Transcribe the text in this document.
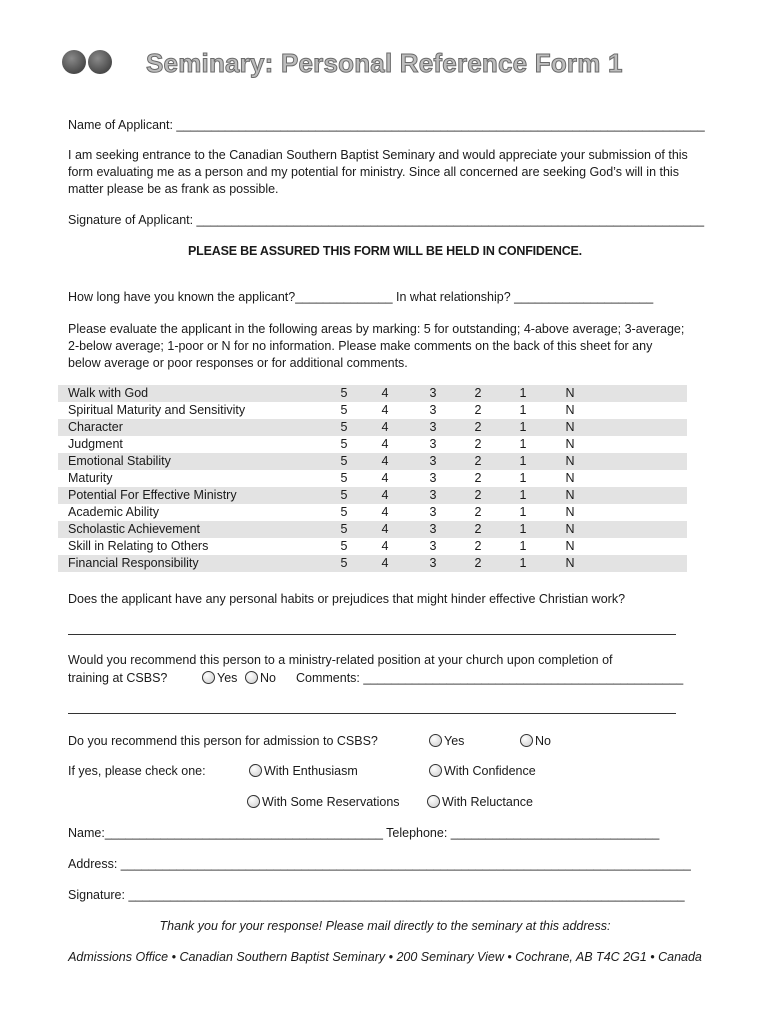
Seminary: Personal Reference Form 1
Name of Applicant: ____________________________________________________________________________
I am seeking entrance to the Canadian Southern Baptist Seminary and would appreciate your submission of this form evaluating me as a person and my potential for ministry. Since all concerned are seeking God’s will in this matter please be as frank as possible.
Signature of Applicant: _________________________________________________________________________
PLEASE BE ASSURED THIS FORM WILL BE HELD IN CONFIDENCE.
How long have you known the applicant?______________ In what relationship? ____________________
Please evaluate the applicant in the following areas by marking: 5 for outstanding; 4-above average; 3-average; 2-below average; 1-poor or N for no information. Please make comments on the back of this sheet for any below average or poor responses or for additional comments.
Walk with God	5	4	3	2	1	N
Spiritual Maturity and Sensitivity	5	4	3	2	1	N
Character	5	4	3	2	1	N
Judgment	5	4	3	2	1	N
Emotional Stability	5	4	3	2	1	N
Maturity	5	4	3	2	1	N
Potential For Effective Ministry	5	4	3	2	1	N
Academic Ability	5	4	3	2	1	N
Scholastic Achievement	5	4	3	2	1	N
Skill in Relating to Others	5	4	3	2	1	N
Financial Responsibility	5	4	3	2	1	N
Does the applicant have any personal habits or prejudices that might hinder effective Christian work?
Would you recommend this person to a ministry-related position at your church upon completion of
training at CSBS?	Yes	No Comments: ______________________________________________
Do you recommend this person for admission to CSBS?	Yes	No
If yes, please check one:	With Enthusiasm	With Confidence
With Some Reservations	With Reluctance
Name:________________________________________ Telephone: ______________________________
Address: __________________________________________________________________________________
Signature: ________________________________________________________________________________
Thank you for your response! Please mail directly to the seminary at this address:
Admissions Office • Canadian Southern Baptist Seminary • 200 Seminary View • Cochrane, AB T4C 2G1 • Canada
